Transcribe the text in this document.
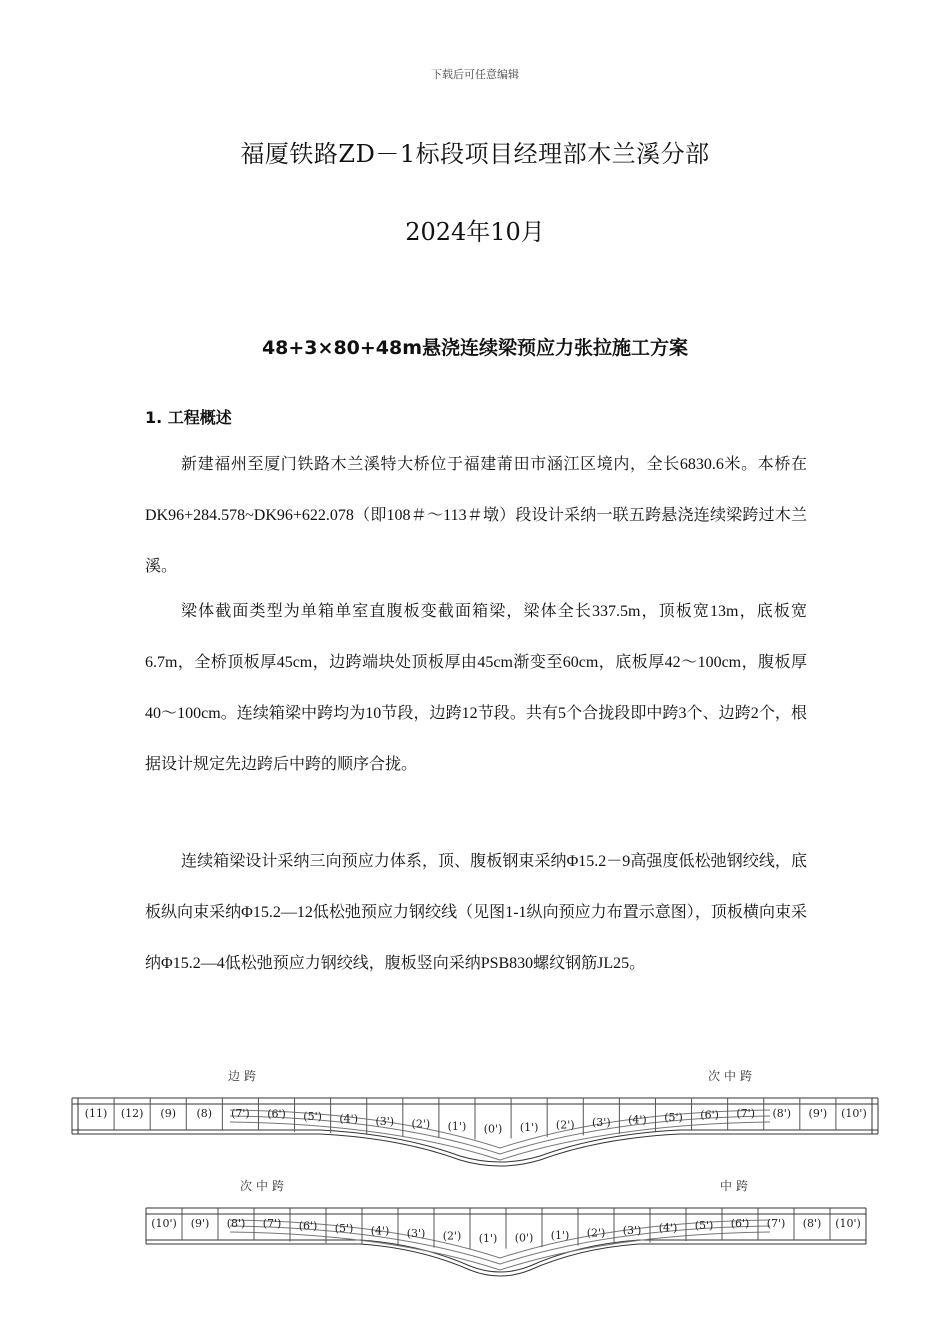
下载后可任意编辑
福厦铁路ZD－1标段项目经理部木兰溪分部
2024年10月
48+3×80+48m悬浇连续梁预应力张拉施工方案
1. 工程概述

新建福州至厦门铁路木兰溪特大桥位于福建莆田市涵江区境内，全长6830.6米。本桥在DK96+284.578~DK96+622.078（即108＃～113＃墩）段设计采纳一联五跨悬浇连续梁跨过木兰溪。

梁体截面类型为单箱单室直腹板变截面箱梁，梁体全长337.5m，顶板宽13m，底板宽6.7m，全桥顶板厚45cm，边跨端块处顶板厚由45cm渐变至60cm，底板厚42～100cm，腹板厚40～100cm。连续箱梁中跨均为10节段，边跨12节段。共有5个合拢段即中跨3个、边跨2个，根据设计规定先边跨后中跨的顺序合拢。

连续箱梁设计采纳三向预应力体系，顶、腹板钢束采纳Φ15.2－9高强度低松弛钢绞线，底板纵向束采纳Φ15.2—12低松弛预应力钢绞线（见图1-1纵向预应力布置示意图），顶板横向束采纳Φ15.2—4低松弛预应力钢绞线，腹板竖向采纳PSB830螺纹钢筋JL25。

边跨	次中跨
(11) (12) (9) (8) (7') (6') (5') (4') (3') (2') (1') (0') (1') (2') (3') (4') (5') (6') (7') (8') (9') (10')
次中跨	中跨
(10') (9') (8') (7') (6') (5') (4') (3') (2') (1') (0') (1') (2') (3') (4') (5') (6') (7') (8') (10')
